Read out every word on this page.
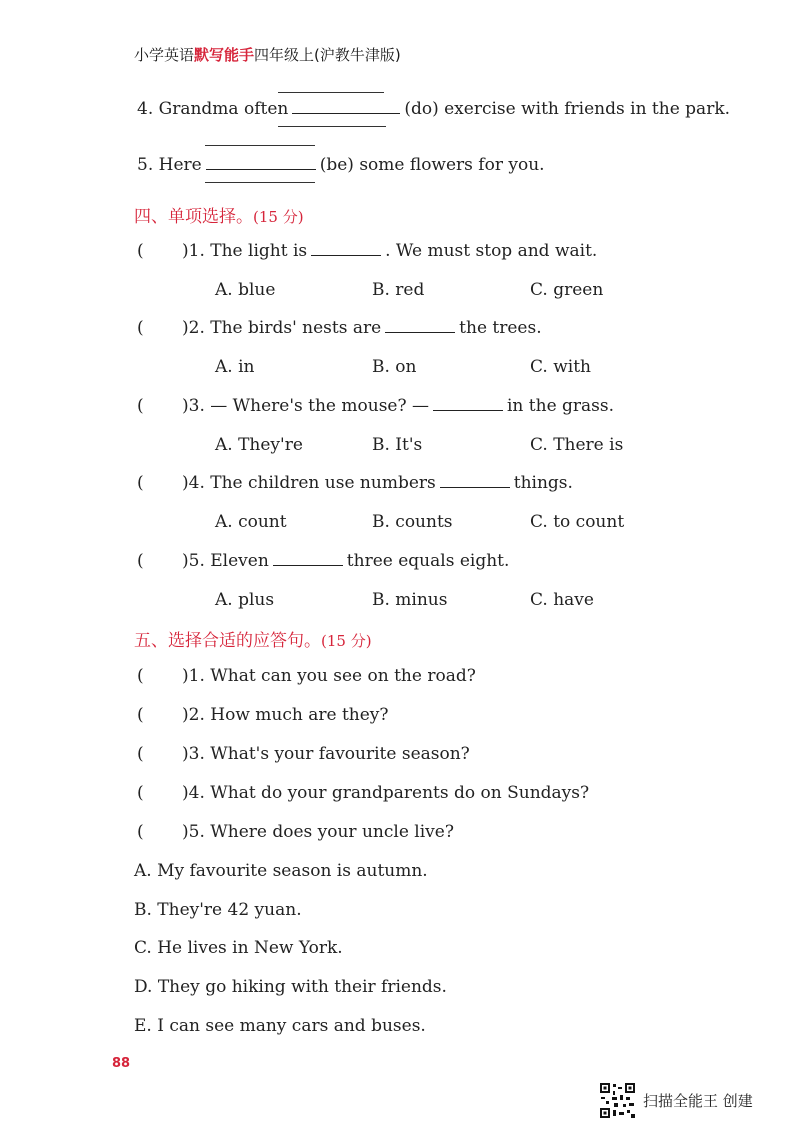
小学英语默写能手四年级上(沪教牛津版)
4. Grandma often	(do) exercise with friends in the park.
5. Here	(be) some flowers for you.
四、单项选择。(15 分)
( )1. The light is	. We must stop and wait.
A. blue	B. red	C. green
( )2. The birds' nests are	the trees.
A. in	B. on	C. with
( )3. — Where's the mouse? —	in the grass.
A. They're	B. It's	C. There is
( )4. The children use numbers	things.
A. count	B. counts	C. to count
( )5. Eleven	three equals eight.
A. plus	B. minus	C. have
五、选择合适的应答句。(15 分)
( )1. What can you see on the road?
( )2. How much are they?
( )3. What's your favourite season?
( )4. What do your grandparents do on Sundays?
( )5. Where does your uncle live?
A. My favourite season is autumn.
B. They're 42 yuan.
C. He lives in New York.
D. They go hiking with their friends.
E. I can see many cars and buses.
88
扫描全能王 创建
